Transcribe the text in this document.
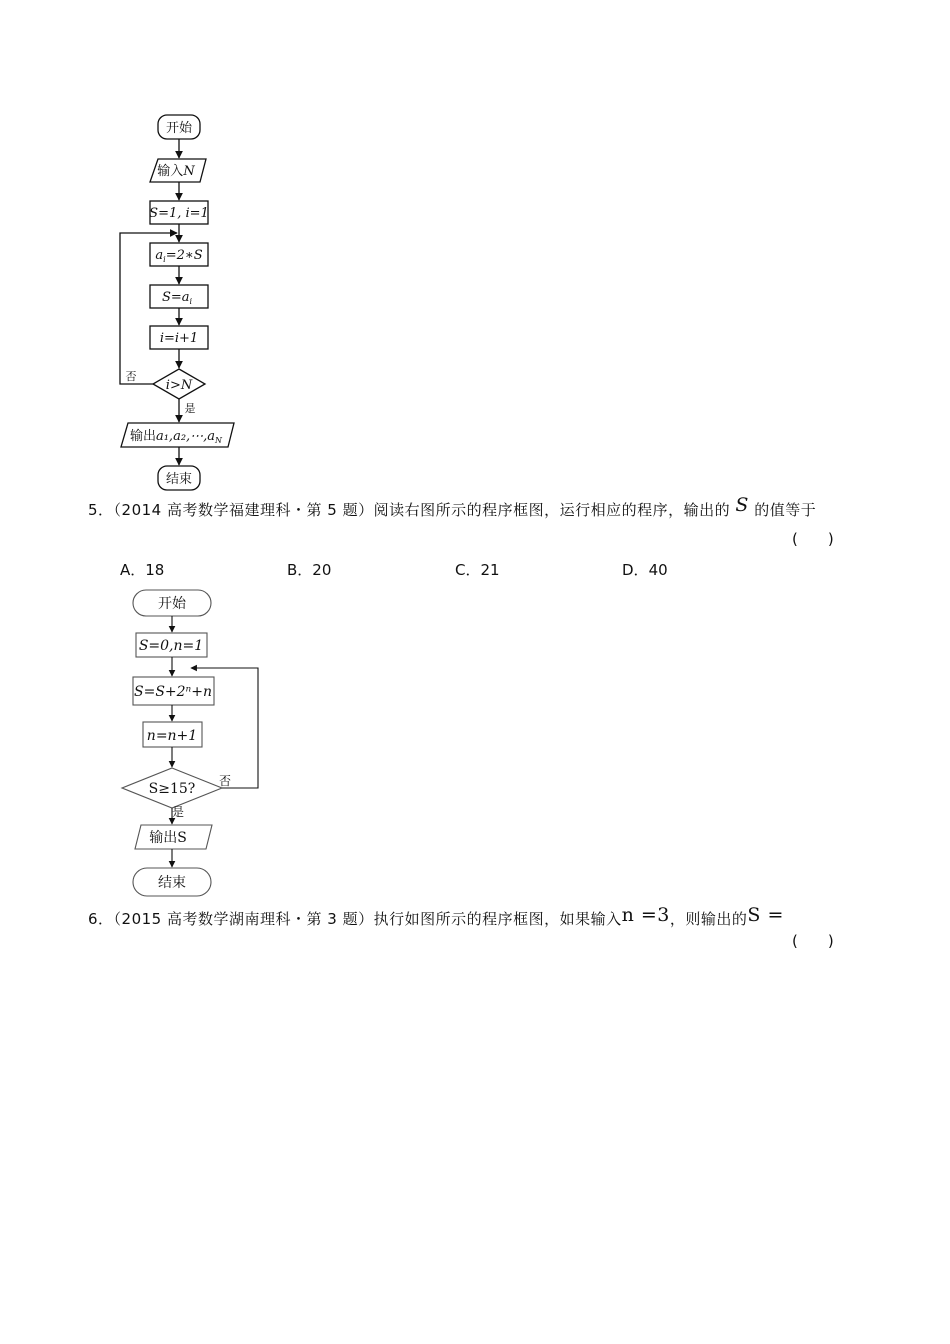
开始
输入N
S=1, i=1
$a_i=2∗S$
$S=a_i$
i=i+1
i>N
否
是
输出$a_1,a_2,\cdots,a_N$
结束
5．（2014 高考数学福建理科・第 5 题）阅读右图所示的程序框图，运行相应的程序，输出的 S 的值等于
(　　)
A．18	B．20	C．21	D．40
开始
S=0,n=1
S=S+2ⁿ+n
n=n+1
S≥15? 否
是
输出S
结束
6．（2015 高考数学湖南理科・第 3 题）执行如图所示的程序框图，如果输入n =3，则输出的S =
(　　)
